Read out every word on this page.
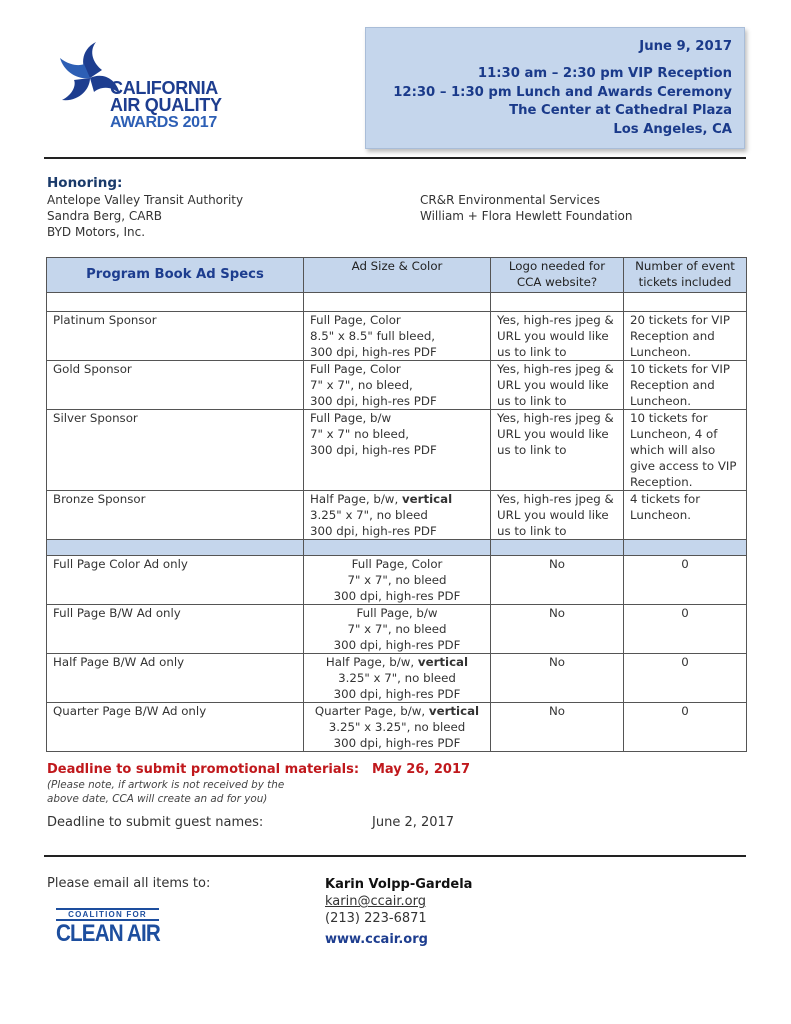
CALIFORNIA
AIR QUALITY
AWARDS 2017
June 9, 2017
11:30 am – 2:30 pm VIP Reception
12:30 – 1:30 pm Lunch and Awards Ceremony
The Center at Cathedral Plaza
Los Angeles, CA
Honoring:
Antelope Valley Transit Authority
Sandra Berg, CARB
BYD Motors, Inc.
CR&R Environmental Services
William + Flora Hewlett Foundation
Program Book Ad Specs	Ad Size & Color	Logo needed for CCA website?	Number of event tickets included

Platinum Sponsor	Full Page, Color
8.5" x 8.5" full bleed,
300 dpi, high-res PDF	Yes, high-res jpeg & URL you would like us to link to	20 tickets for VIP Reception and Luncheon.
Gold Sponsor	Full Page, Color
7" x 7", no bleed,
300 dpi, high-res PDF	Yes, high-res jpeg & URL you would like us to link to	10 tickets for VIP Reception and Luncheon.
Silver Sponsor	Full Page, b/w
7" x 7" no bleed,
300 dpi, high-res PDF	Yes, high-res jpeg & URL you would like us to link to	10 tickets for Luncheon, 4 of which will also give access to VIP Reception.
Bronze Sponsor	Half Page, b/w, vertical
3.25" x 7", no bleed
300 dpi, high-res PDF	Yes, high-res jpeg & URL you would like us to link to	4 tickets for Luncheon.

Full Page Color Ad only	Full Page, Color
7" x 7", no bleed
300 dpi, high-res PDF	No	0
Full Page B/W Ad only	Full Page, b/w
7" x 7", no bleed
300 dpi, high-res PDF	No	0
Half Page B/W Ad only	Half Page, b/w, vertical
3.25" x 7", no bleed
300 dpi, high-res PDF	No	0
Quarter Page B/W Ad only	Quarter Page, b/w, vertical
3.25" x 3.25", no bleed
300 dpi, high-res PDF	No	0
Deadline to submit promotional materials: May 26, 2017
(Please note, if artwork is not received by the above date, CCA will create an ad for you)
Deadline to submit guest names:	June 2, 2017
Please email all items to:	Karin Volpp-Gardela
karin@ccair.org
(213) 223-6871
www.ccair.org
COALITION FOR
CLEAN AIR
